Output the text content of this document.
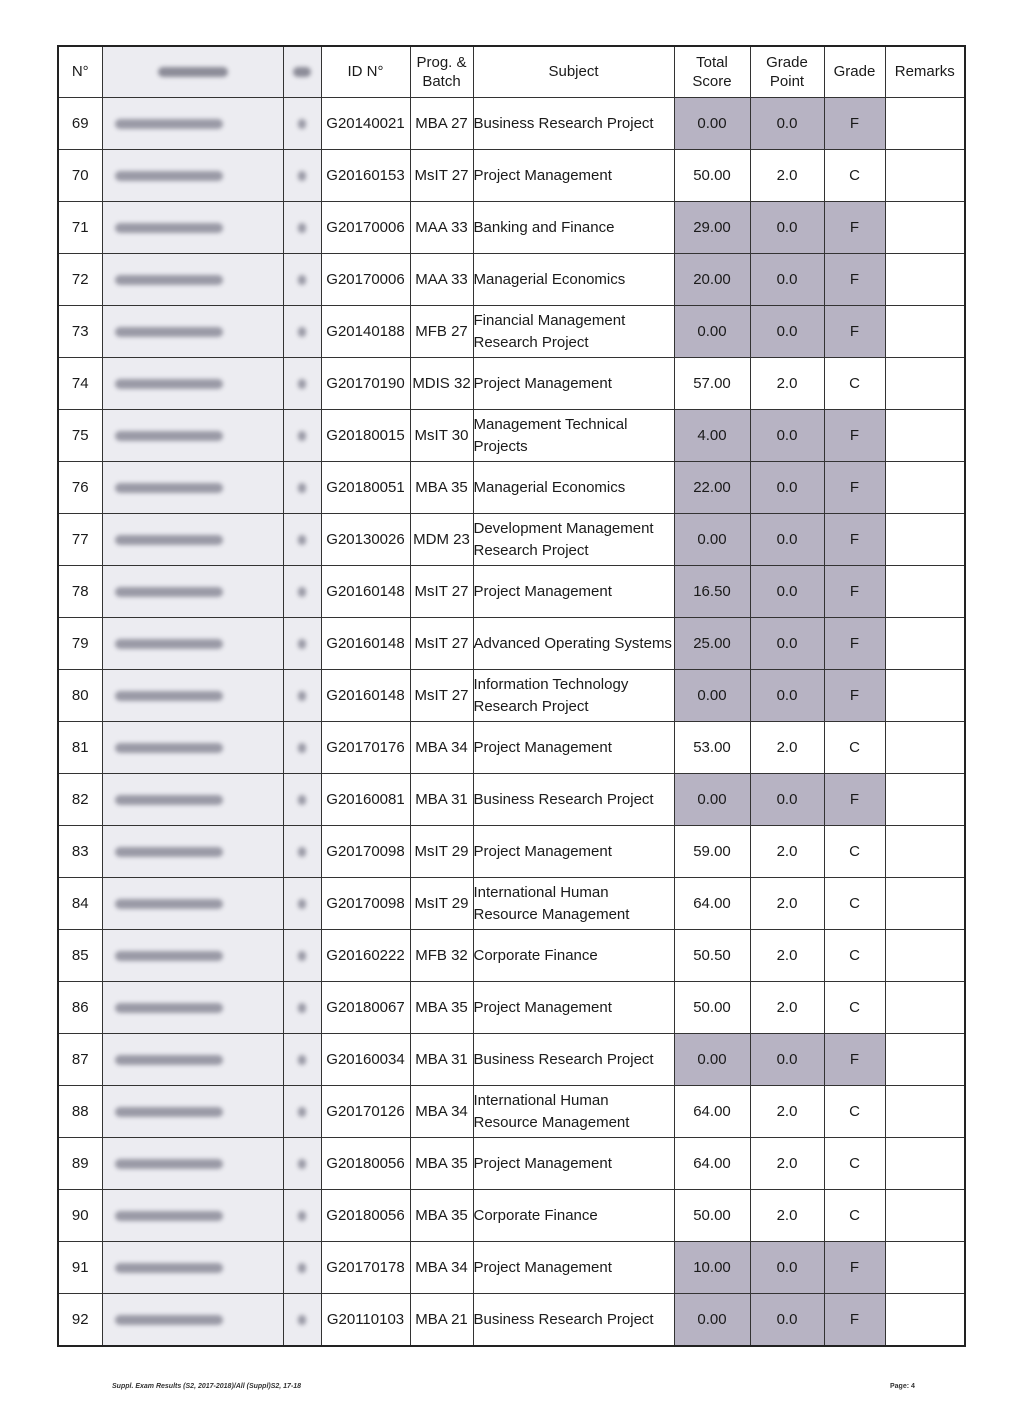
N°			ID N°	Prog. & Batch	Subject	Total Score	Grade Point	Grade	Remarks
69			G20140021	MBA 27	Business Research Project	0.00	0.0	F	
70			G20160153	MsIT 27	Project Management	50.00	2.0	C	
71			G20170006	MAA 33	Banking and Finance	29.00	0.0	F	
72			G20170006	MAA 33	Managerial Economics	20.00	0.0	F	
73			G20140188	MFB 27	Financial Management Research Project	0.00	0.0	F	
74			G20170190	MDIS 32	Project Management	57.00	2.0	C	
75			G20180015	MsIT 30	Management Technical Projects	4.00	0.0	F	
76			G20180051	MBA 35	Managerial Economics	22.00	0.0	F	
77			G20130026	MDM 23	Development Management Research Project	0.00	0.0	F	
78			G20160148	MsIT 27	Project Management	16.50	0.0	F	
79			G20160148	MsIT 27	Advanced Operating Systems	25.00	0.0	F	
80			G20160148	MsIT 27	Information Technology Research Project	0.00	0.0	F	
81			G20170176	MBA 34	Project Management	53.00	2.0	C	
82			G20160081	MBA 31	Business Research Project	0.00	0.0	F	
83			G20170098	MsIT 29	Project Management	59.00	2.0	C	
84			G20170098	MsIT 29	International Human Resource Management	64.00	2.0	C	
85			G20160222	MFB 32	Corporate Finance	50.50	2.0	C	
86			G20180067	MBA 35	Project Management	50.00	2.0	C	
87			G20160034	MBA 31	Business Research Project	0.00	0.0	F	
88			G20170126	MBA 34	International Human Resource Management	64.00	2.0	C	
89			G20180056	MBA 35	Project Management	64.00	2.0	C	
90			G20180056	MBA 35	Corporate Finance	50.00	2.0	C	
91			G20170178	MBA 34	Project Management	10.00	0.0	F	
92			G20110103	MBA 21	Business Research Project	0.00	0.0	F	
Suppl. Exam Results (S2, 2017-2018)/All (Suppl)S2, 17-18	Page: 4
